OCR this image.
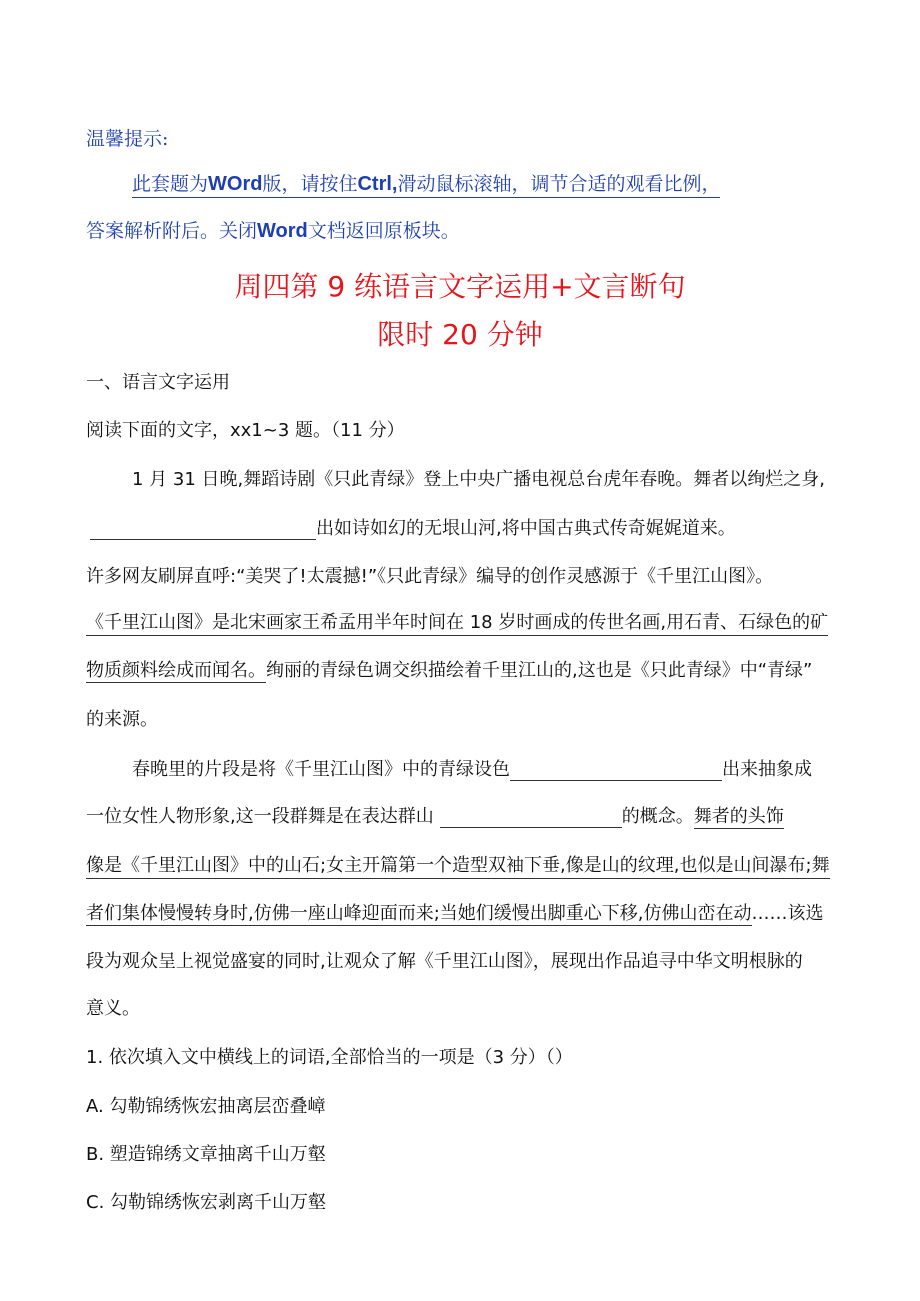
温馨提示:
此套题为WOrd版，请按住Ctrl,滑动鼠标滚轴，调节合适的观看比例，
答案解析附后。关闭Word文档返回原板块。
周四第 9 练语言文字运用+文言断句
限时 20 分钟
一、语言文字运用
阅读下面的文字，xx1~3 题。（11 分）
1 月 31 日晚,舞蹈诗剧《只此青绿》登上中央广播电视总台虎年春晚。舞者以绚烂之身,
出如诗如幻的无垠山河,将中国古典式传奇娓娓道来。
许多网友刷屏直呼:“美哭了!太震撼!”《只此青绿》编导的创作灵感源于《千里江山图》。
《千里江山图》是北宋画家王希孟用半年时间在 18 岁时画成的传世名画,用石青、石绿色的矿
物质颜料绘成而闻名。绚丽的青绿色调交织描绘着千里江山的,这也是《只此青绿》中“青绿”
的来源。
春晚里的片段是将《千里江山图》中的青绿设色	出来抽象成
一位女性人物形象,这一段群舞是在表达群山	的概念。舞者的头饰
像是《千里江山图》中的山石;女主开篇第一个造型双袖下垂,像是山的纹理,也似是山间瀑布;舞
者们集体慢慢转身时,仿佛一座山峰迎面而来;当她们缓慢出脚重心下移,仿佛山峦在动……该选
段为观众呈上视觉盛宴的同时,让观众了解《千里江山图》，展现出作品追寻中华文明根脉的
意义。
1. 依次填入文中横线上的词语,全部恰当的一项是（3 分）（）
A. 勾勒锦绣恢宏抽离层峦叠嶂
B. 塑造锦绣文章抽离千山万壑
C. 勾勒锦绣恢宏剥离千山万壑
